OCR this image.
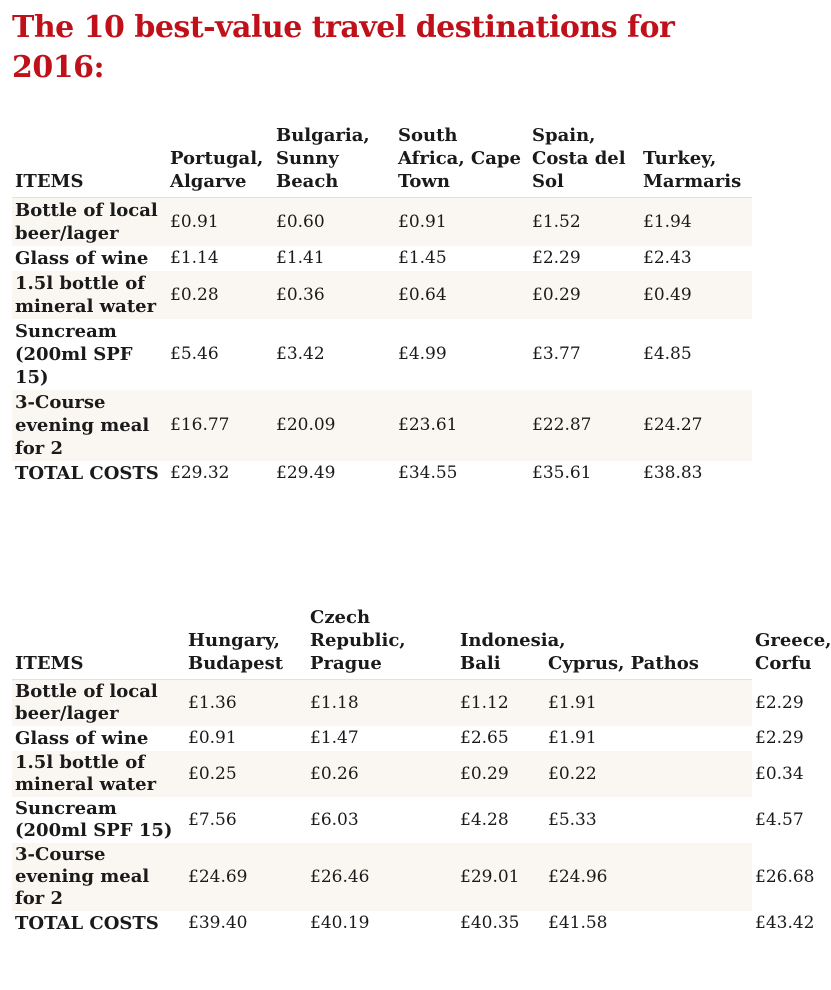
The 10 best-value travel destinations for 2016:
ITEMS	Portugal, Algarve	Bulgaria, Sunny Beach	South Africa, Cape Town	Spain, Costa del Sol	Turkey, Marmaris
Bottle of local beer/lager	£0.91	£0.60	£0.91	£1.52	£1.94
Glass of wine	£1.14	£1.41	£1.45	£2.29	£2.43
1.5l bottle of mineral water	£0.28	£0.36	£0.64	£0.29	£0.49
Suncream (200ml SPF 15)	£5.46	£3.42	£4.99	£3.77	£4.85
3-Course evening meal for 2	£16.77	£20.09	£23.61	£22.87	£24.27
TOTAL COSTS	£29.32	£29.49	£34.55	£35.61	£38.83
ITEMS	Hungary, Budapest	Czech Republic, Prague	Indonesia, Bali	Cyprus, Pathos	Greece, Corfu
Bottle of local beer/lager	£1.36	£1.18	£1.12	£1.91	£2.29
Glass of wine	£0.91	£1.47	£2.65	£1.91	£2.29
1.5l bottle of mineral water	£0.25	£0.26	£0.29	£0.22	£0.34
Suncream (200ml SPF 15)	£7.56	£6.03	£4.28	£5.33	£4.57
3-Course evening meal for 2	£24.69	£26.46	£29.01	£24.96	£26.68
TOTAL COSTS	£39.40	£40.19	£40.35	£41.58	£43.42
